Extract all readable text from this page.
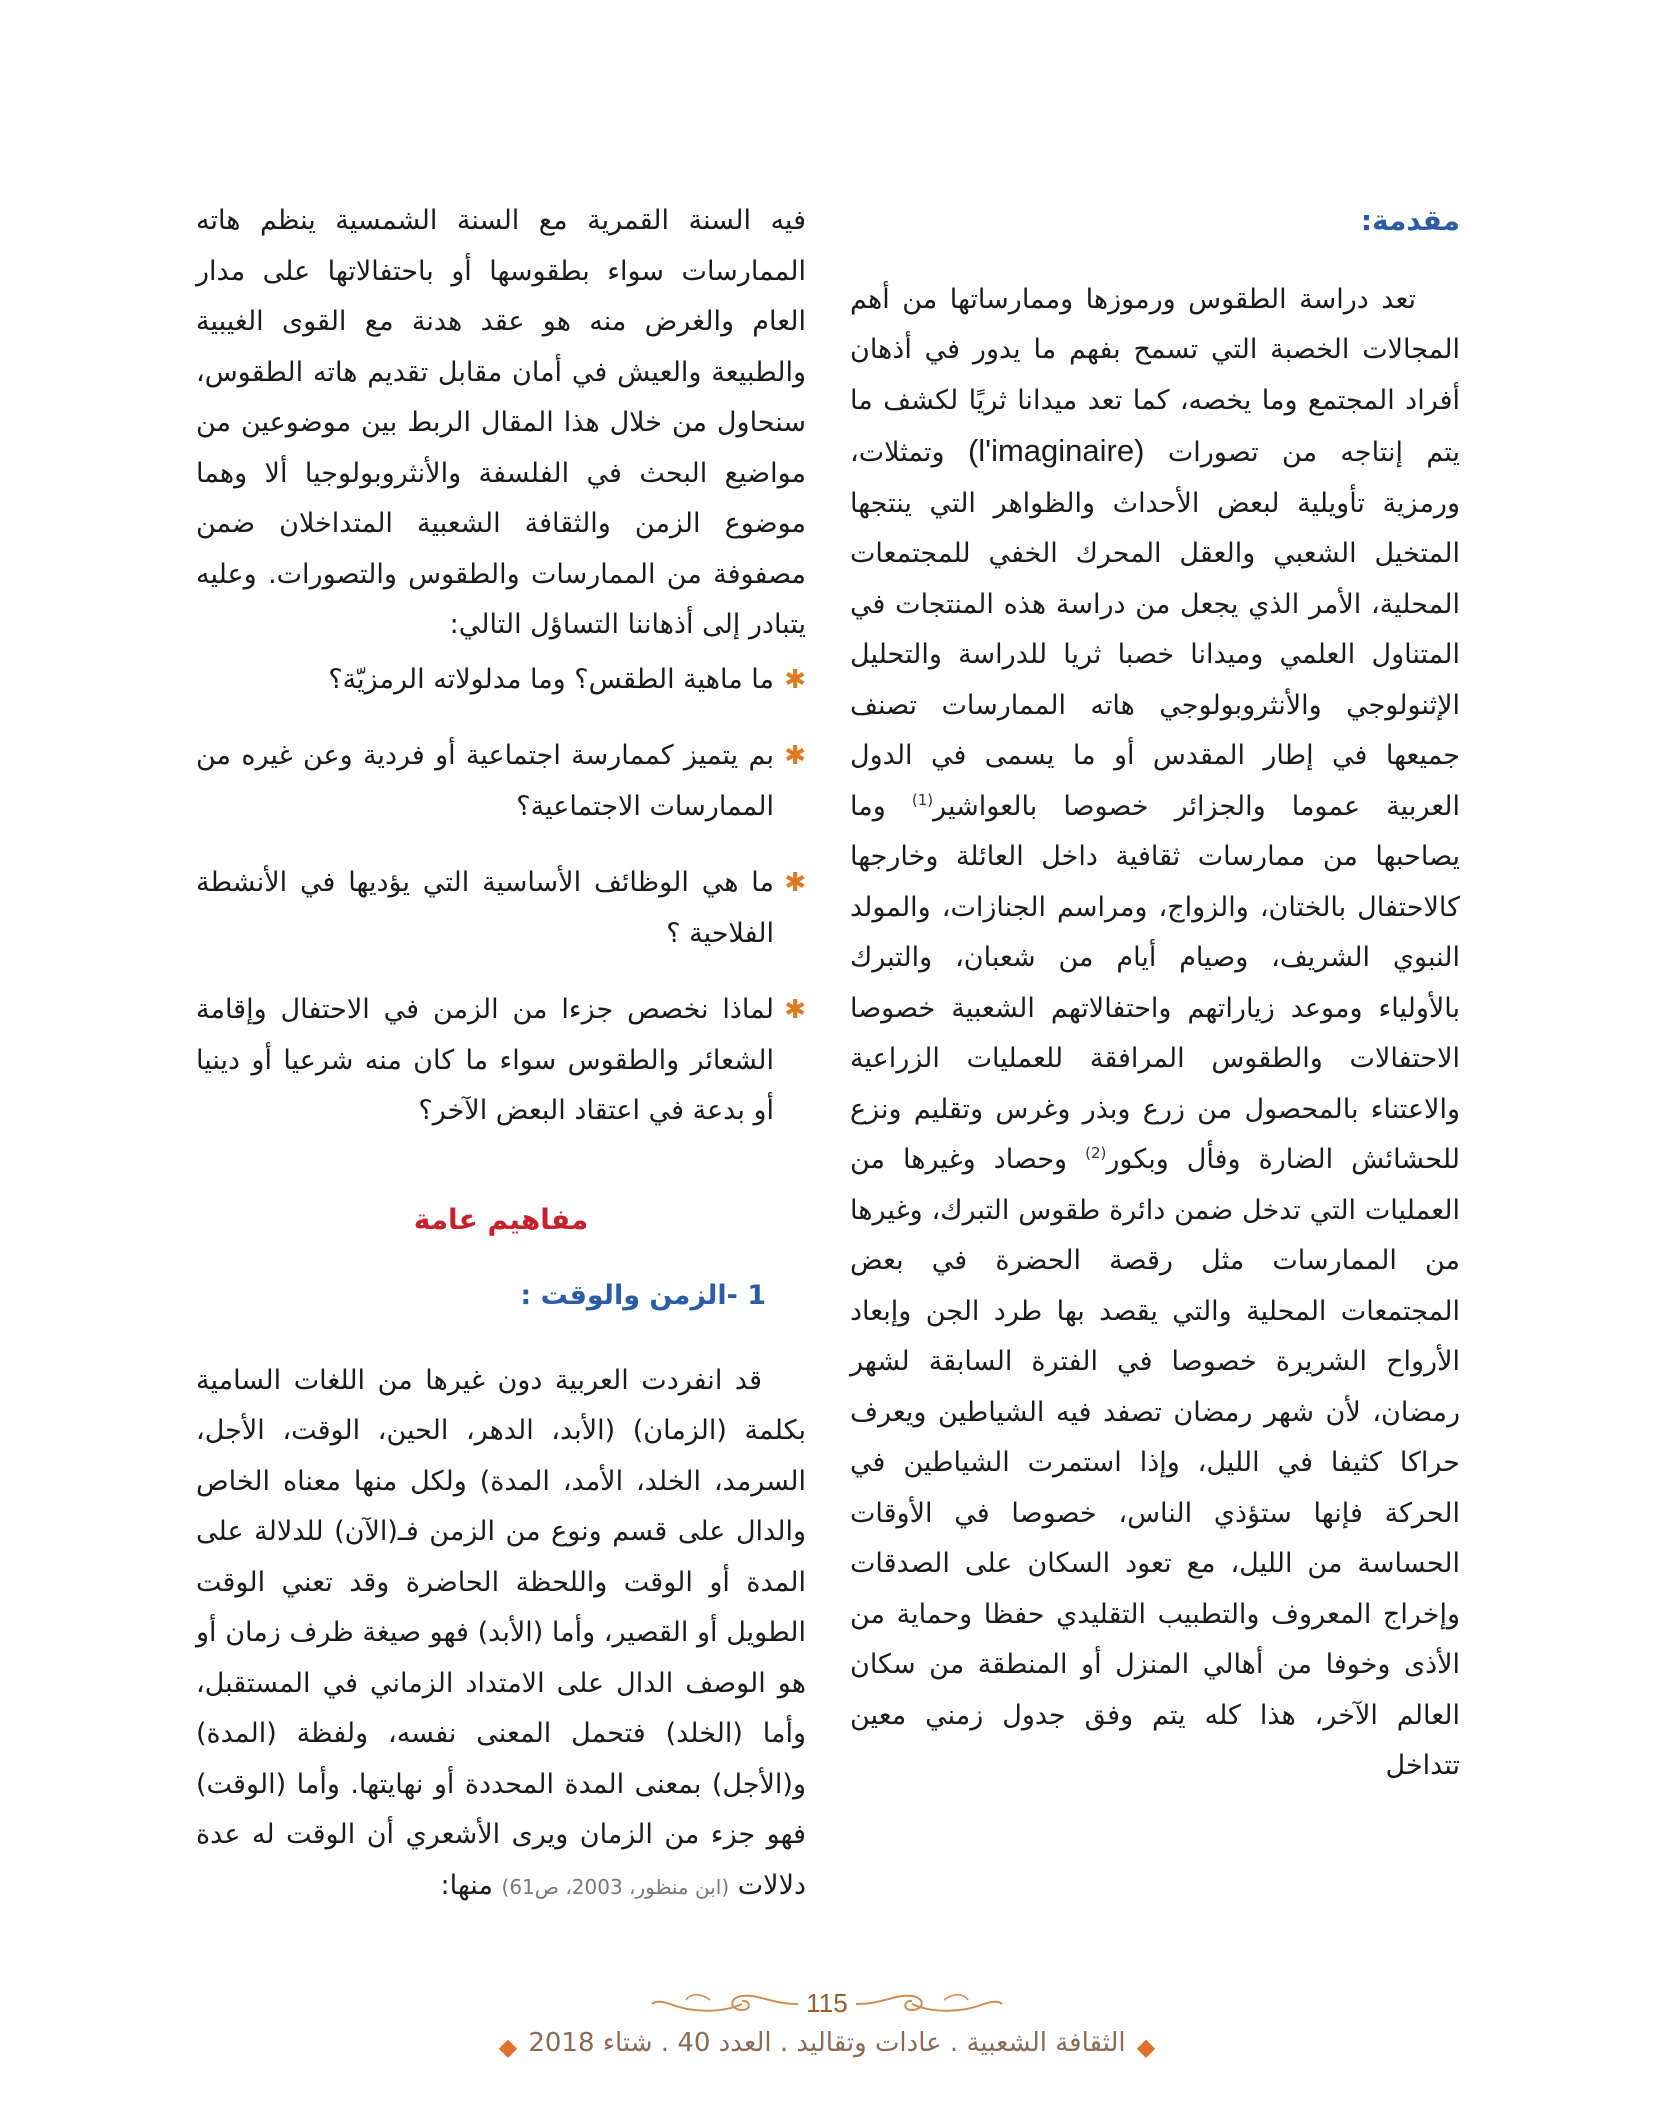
مقدمة:

تعد دراسة الطقوس ورموزها وممارساتها من أهم المجالات الخصبة التي تسمح بفهم ما يدور في أذهان أفراد المجتمع وما يخصه، كما تعد ميدانا ثريًا لكشف ما يتم إنتاجه من تصورات (l'imaginaire) وتمثلات، ورمزية تأويلية لبعض الأحداث والظواهر التي ينتجها المتخيل الشعبي والعقل المحرك الخفي للمجتمعات المحلية، الأمر الذي يجعل من دراسة هذه المنتجات في المتناول العلمي وميدانا خصبا ثريا للدراسة والتحليل الإثنولوجي والأنثروبولوجي هاته الممارسات تصنف جميعها في إطار المقدس أو ما يسمى في الدول العربية عموما والجزائر خصوصا بالعواشير$^{(1)}$ وما يصاحبها من ممارسات ثقافية داخل العائلة وخارجها كالاحتفال بالختان، والزواج، ومراسم الجنازات، والمولد النبوي الشريف، وصيام أيام من شعبان، والتبرك بالأولياء وموعد زياراتهم واحتفالاتهم الشعبية خصوصا الاحتفالات والطقوس المرافقة للعمليات الزراعية والاعتناء بالمحصول من زرع وبذر وغرس وتقليم ونزع للحشائش الضارة وفأل وبكور$^{(2)}$ وحصاد وغيرها من العمليات التي تدخل ضمن دائرة طقوس التبرك، وغيرها من الممارسات مثل رقصة الحضرة في بعض المجتمعات المحلية والتي يقصد بها طرد الجن وإبعاد الأرواح الشريرة خصوصا في الفترة السابقة لشهر رمضان، لأن شهر رمضان تصفد فيه الشياطين ويعرف حراكا كثيفا في الليل، وإذا استمرت الشياطين في الحركة فإنها ستؤذي الناس، خصوصا في الأوقات الحساسة من الليل، مع تعود السكان على الصدقات وإخراج المعروف والتطبيب التقليدي حفظا وحماية من الأذى وخوفا من أهالي المنزل أو المنطقة من سكان العالم الآخر، هذا كله يتم وفق جدول زمني معين تتداخل

فيه السنة القمرية مع السنة الشمسية ينظم هاته الممارسات سواء بطقوسها أو باحتفالاتها على مدار العام والغرض منه هو عقد هدنة مع القوى الغيبية والطبيعة والعيش في أمان مقابل تقديم هاته الطقوس، سنحاول من خلال هذا المقال الربط بين موضوعين من مواضيع البحث في الفلسفة والأنثروبولوجيا ألا وهما موضوع الزمن والثقافة الشعبية المتداخلان ضمن مصفوفة من الممارسات والطقوس والتصورات. وعليه يتبادر إلى أذهاننا التساؤل التالي:

✱
ما ماهية الطقس؟ وما مدلولاته الرمزيّة؟
✱
بم يتميز كممارسة اجتماعية أو فردية وعن غيره من الممارسات الاجتماعية؟
✱
ما هي الوظائف الأساسية التي يؤديها في الأنشطة الفلاحية ؟
✱
لماذا نخصص جزءا من الزمن في الاحتفال وإقامة الشعائر والطقوس سواء ما كان منه شرعيا أو دينيا أو بدعة في اعتقاد البعض الآخر؟
مفاهيم عامة
1 -الزمن والوقت :

قد انفردت العربية دون غيرها من اللغات السامية بكلمة (الزمان) (الأبد، الدهر، الحين، الوقت، الأجل، السرمد، الخلد، الأمد، المدة) ولكل منها معناه الخاص والدال على قسم ونوع من الزمن فـ(الآن) للدلالة على المدة أو الوقت واللحظة الحاضرة وقد تعني الوقت الطويل أو القصير، وأما (الأبد) فهو صيغة ظرف زمان أو هو الوصف الدال على الامتداد الزماني في المستقبل، وأما (الخلد) فتحمل المعنى نفسه، ولفظة (المدة) و(الأجل) بمعنى المدة المحددة أو نهايتها. وأما (الوقت) فهو جزء من الزمان ويرى الأشعري أن الوقت له عدة دلالات (ابن منظور، 2003، ص61) منها:

115
◆ الثقافة الشعبية . عادات وتقاليد . العدد 40 . شتاء 2018 ◆
